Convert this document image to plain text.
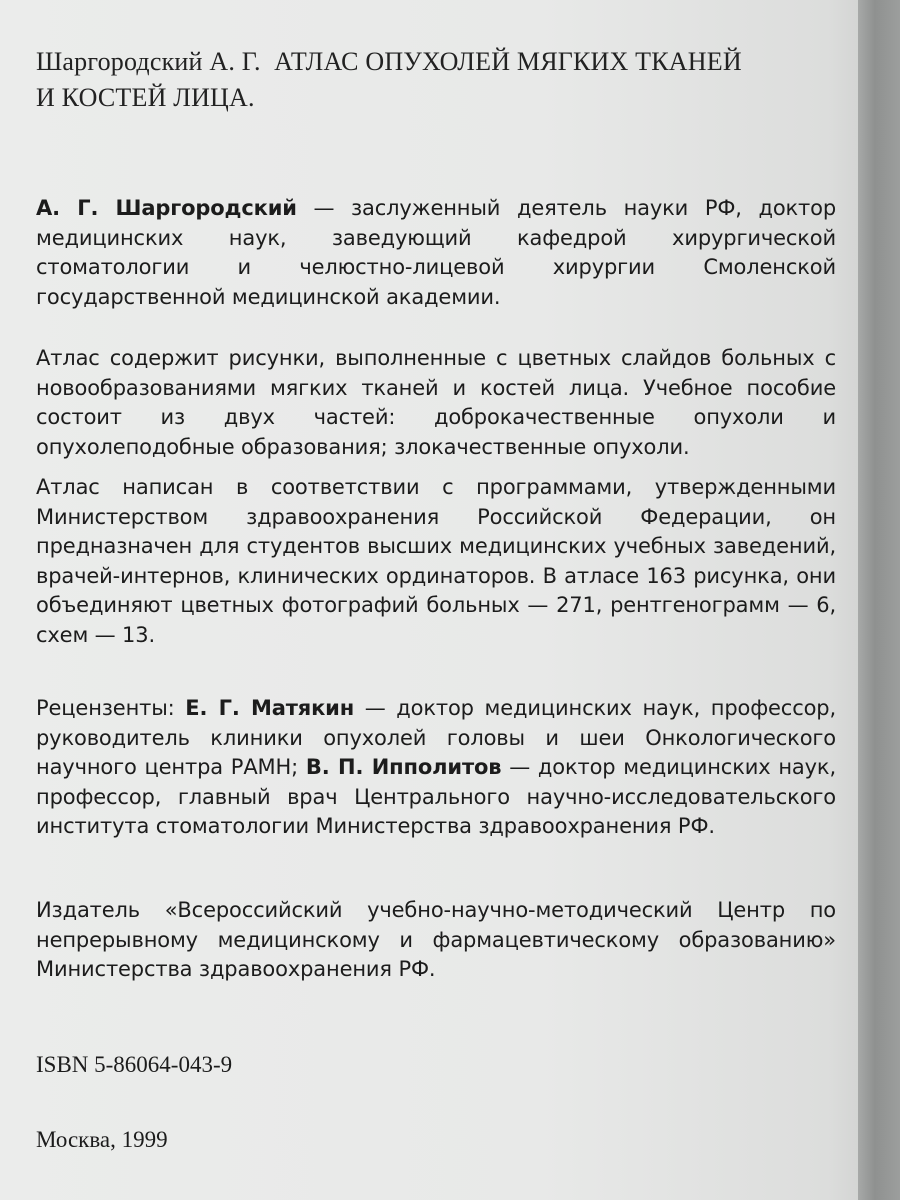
Шаргородский А. Г. АТЛАС ОПУХОЛЕЙ МЯГКИХ ТКАНЕЙ
И КОСТЕЙ ЛИЦА.

А. Г. Шаргородский — заслуженный деятель науки РФ, доктор медицинских наук, заведующий кафедрой хирургической стоматологии и челюстно-лицевой хирургии Смоленской государственной медицинской академии.

Атлас содержит рисунки, выполненные с цветных слайдов больных с новообразованиями мягких тканей и костей лица. Учебное пособие состоит из двух частей: доброкачественные опухоли и опухолеподобные образования; злокачественные опухоли.

Атлас написан в соответствии с программами, утвержденными Министерством здравоохранения Российской Федерации, он предназначен для студентов высших медицинских учебных заведений, врачей-интернов, клинических ординаторов. В атласе 163 рисунка, они объединяют цветных фотографий больных — 271, рентгенограмм — 6, схем — 13.

Рецензенты: Е. Г. Матякин — доктор медицинских наук, профессор, руководитель клиники опухолей головы и шеи Онкологического научного центра РАМН; В. П. Ипполитов — доктор медицинских наук, профессор, главный врач Центрального научно-исследовательского института стоматологии Министерства здравоохранения РФ.

Издатель «Всероссийский учебно-научно-методический Центр по непрерывному медицинскому и фармацевтическому образованию» Министерства здравоохранения РФ.

ISBN 5-86064-043-9

Москва, 1999
